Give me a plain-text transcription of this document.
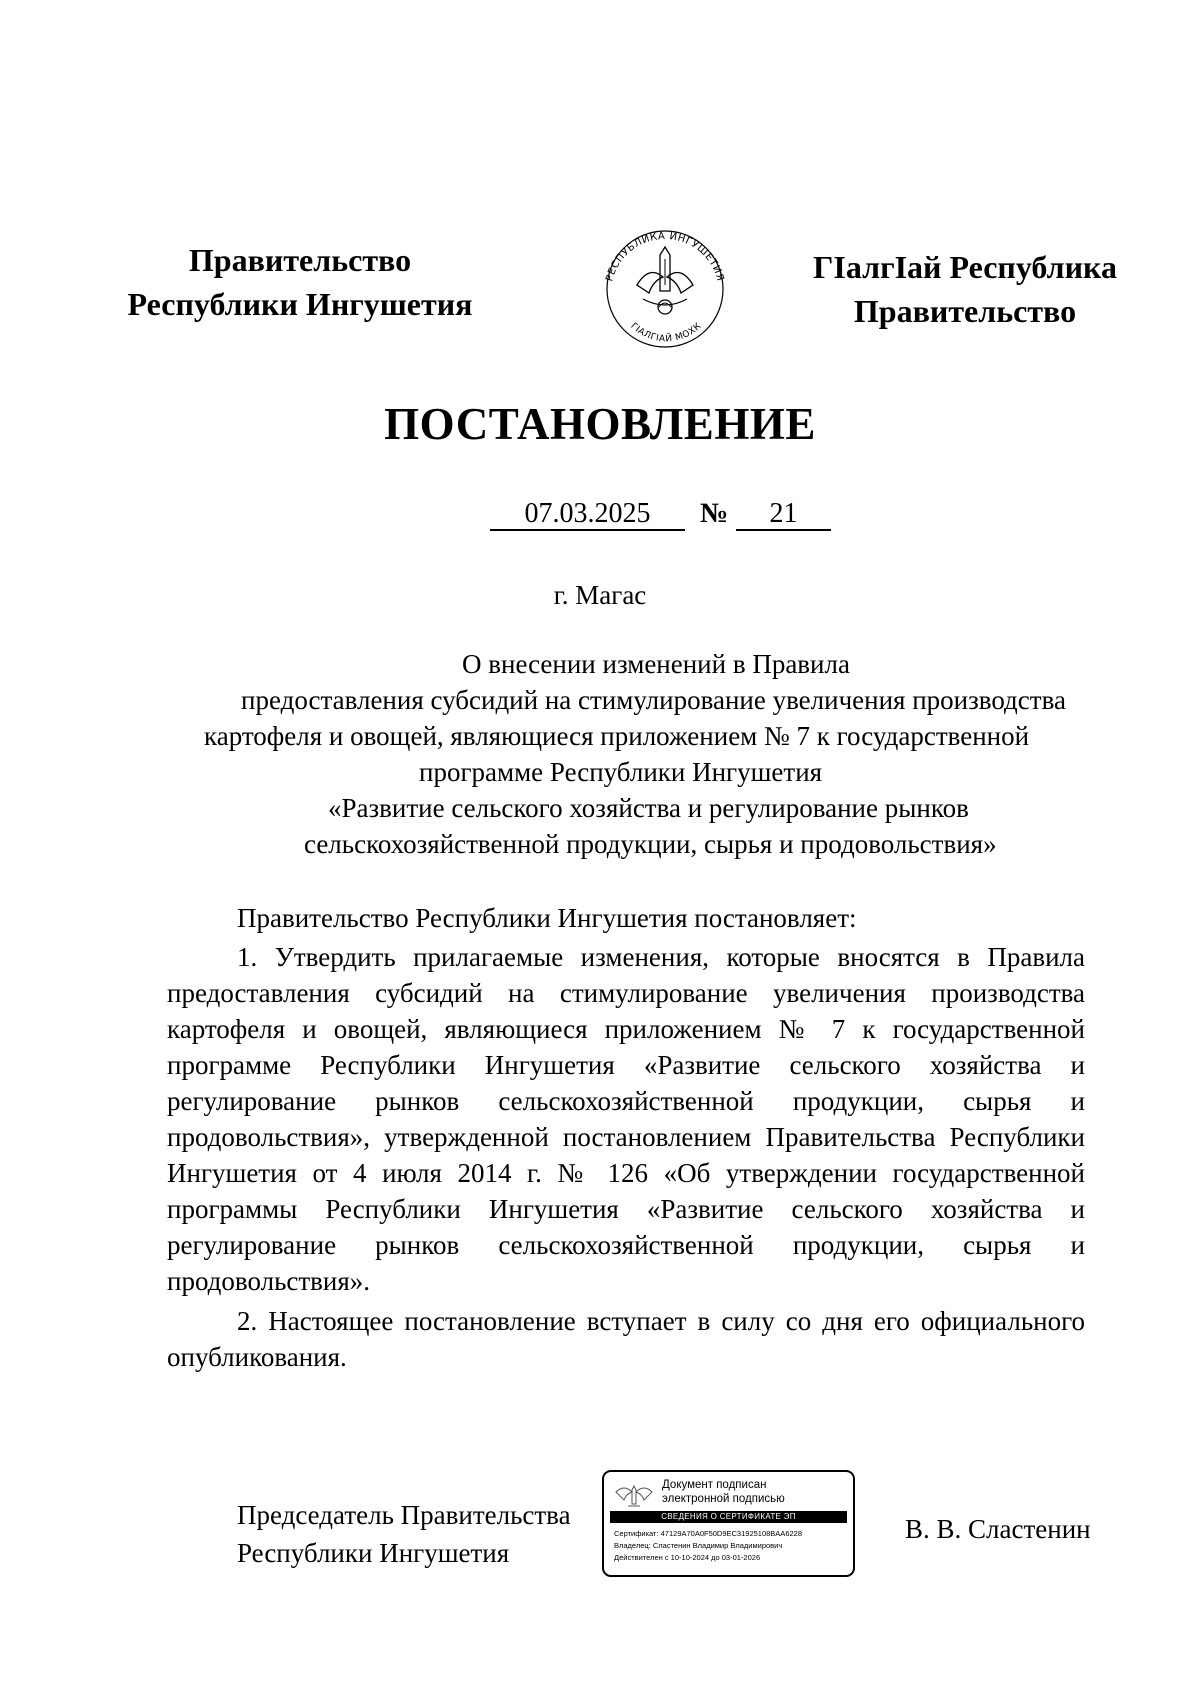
Правительство
Республики Ингушетия
РЕСПУБЛИКА ИНГУШЕТИЯ
ГIАЛГIАЙ МОХК
ГIалгIай Республика
Правительство
ПОСТАНОВЛЕНИЕ
07.03.2025	№	21
г. Магас
О внесении изменений в Правила
предоставления субсидий на стимулирование увеличения производства
картофеля и овощей, являющиеся приложением № 7 к государственной
программе Республики Ингушетия
«Развитие сельского хозяйства и регулирование рынков
сельскохозяйственной продукции, сырья и продовольствия»
Правительство Республики Ингушетия постановляет:
1. Утвердить прилагаемые изменения, которые вносятся в Правила
предоставления субсидий на стимулирование увеличения производства
картофеля и овощей, являющиеся приложением № 7 к государственной
программе Республики Ингушетия «Развитие сельского хозяйства и
регулирование рынков сельскохозяйственной продукции, сырья и
продовольствия», утвержденной постановлением Правительства Республики
Ингушетия от 4 июля 2014 г. № 126 «Об утверждении государственной
программы Республики Ингушетия «Развитие сельского хозяйства и
регулирование рынков сельскохозяйственной продукции, сырья и
продовольствия».
2. Настоящее постановление вступает в силу со дня его официального
опубликования.
Председатель Правительства
Республики Ингушетия
Документ подписан
электронной подписью
СВЕДЕНИЯ О СЕРТИФИКАТЕ ЭП
Сертификат: 47129A70A0F50D9EC31925108BAA6228
Владелец: Сластенин Владимир Владимирович
Действителен с 10-10-2024 до 03-01-2026
В. В. Сластенин
